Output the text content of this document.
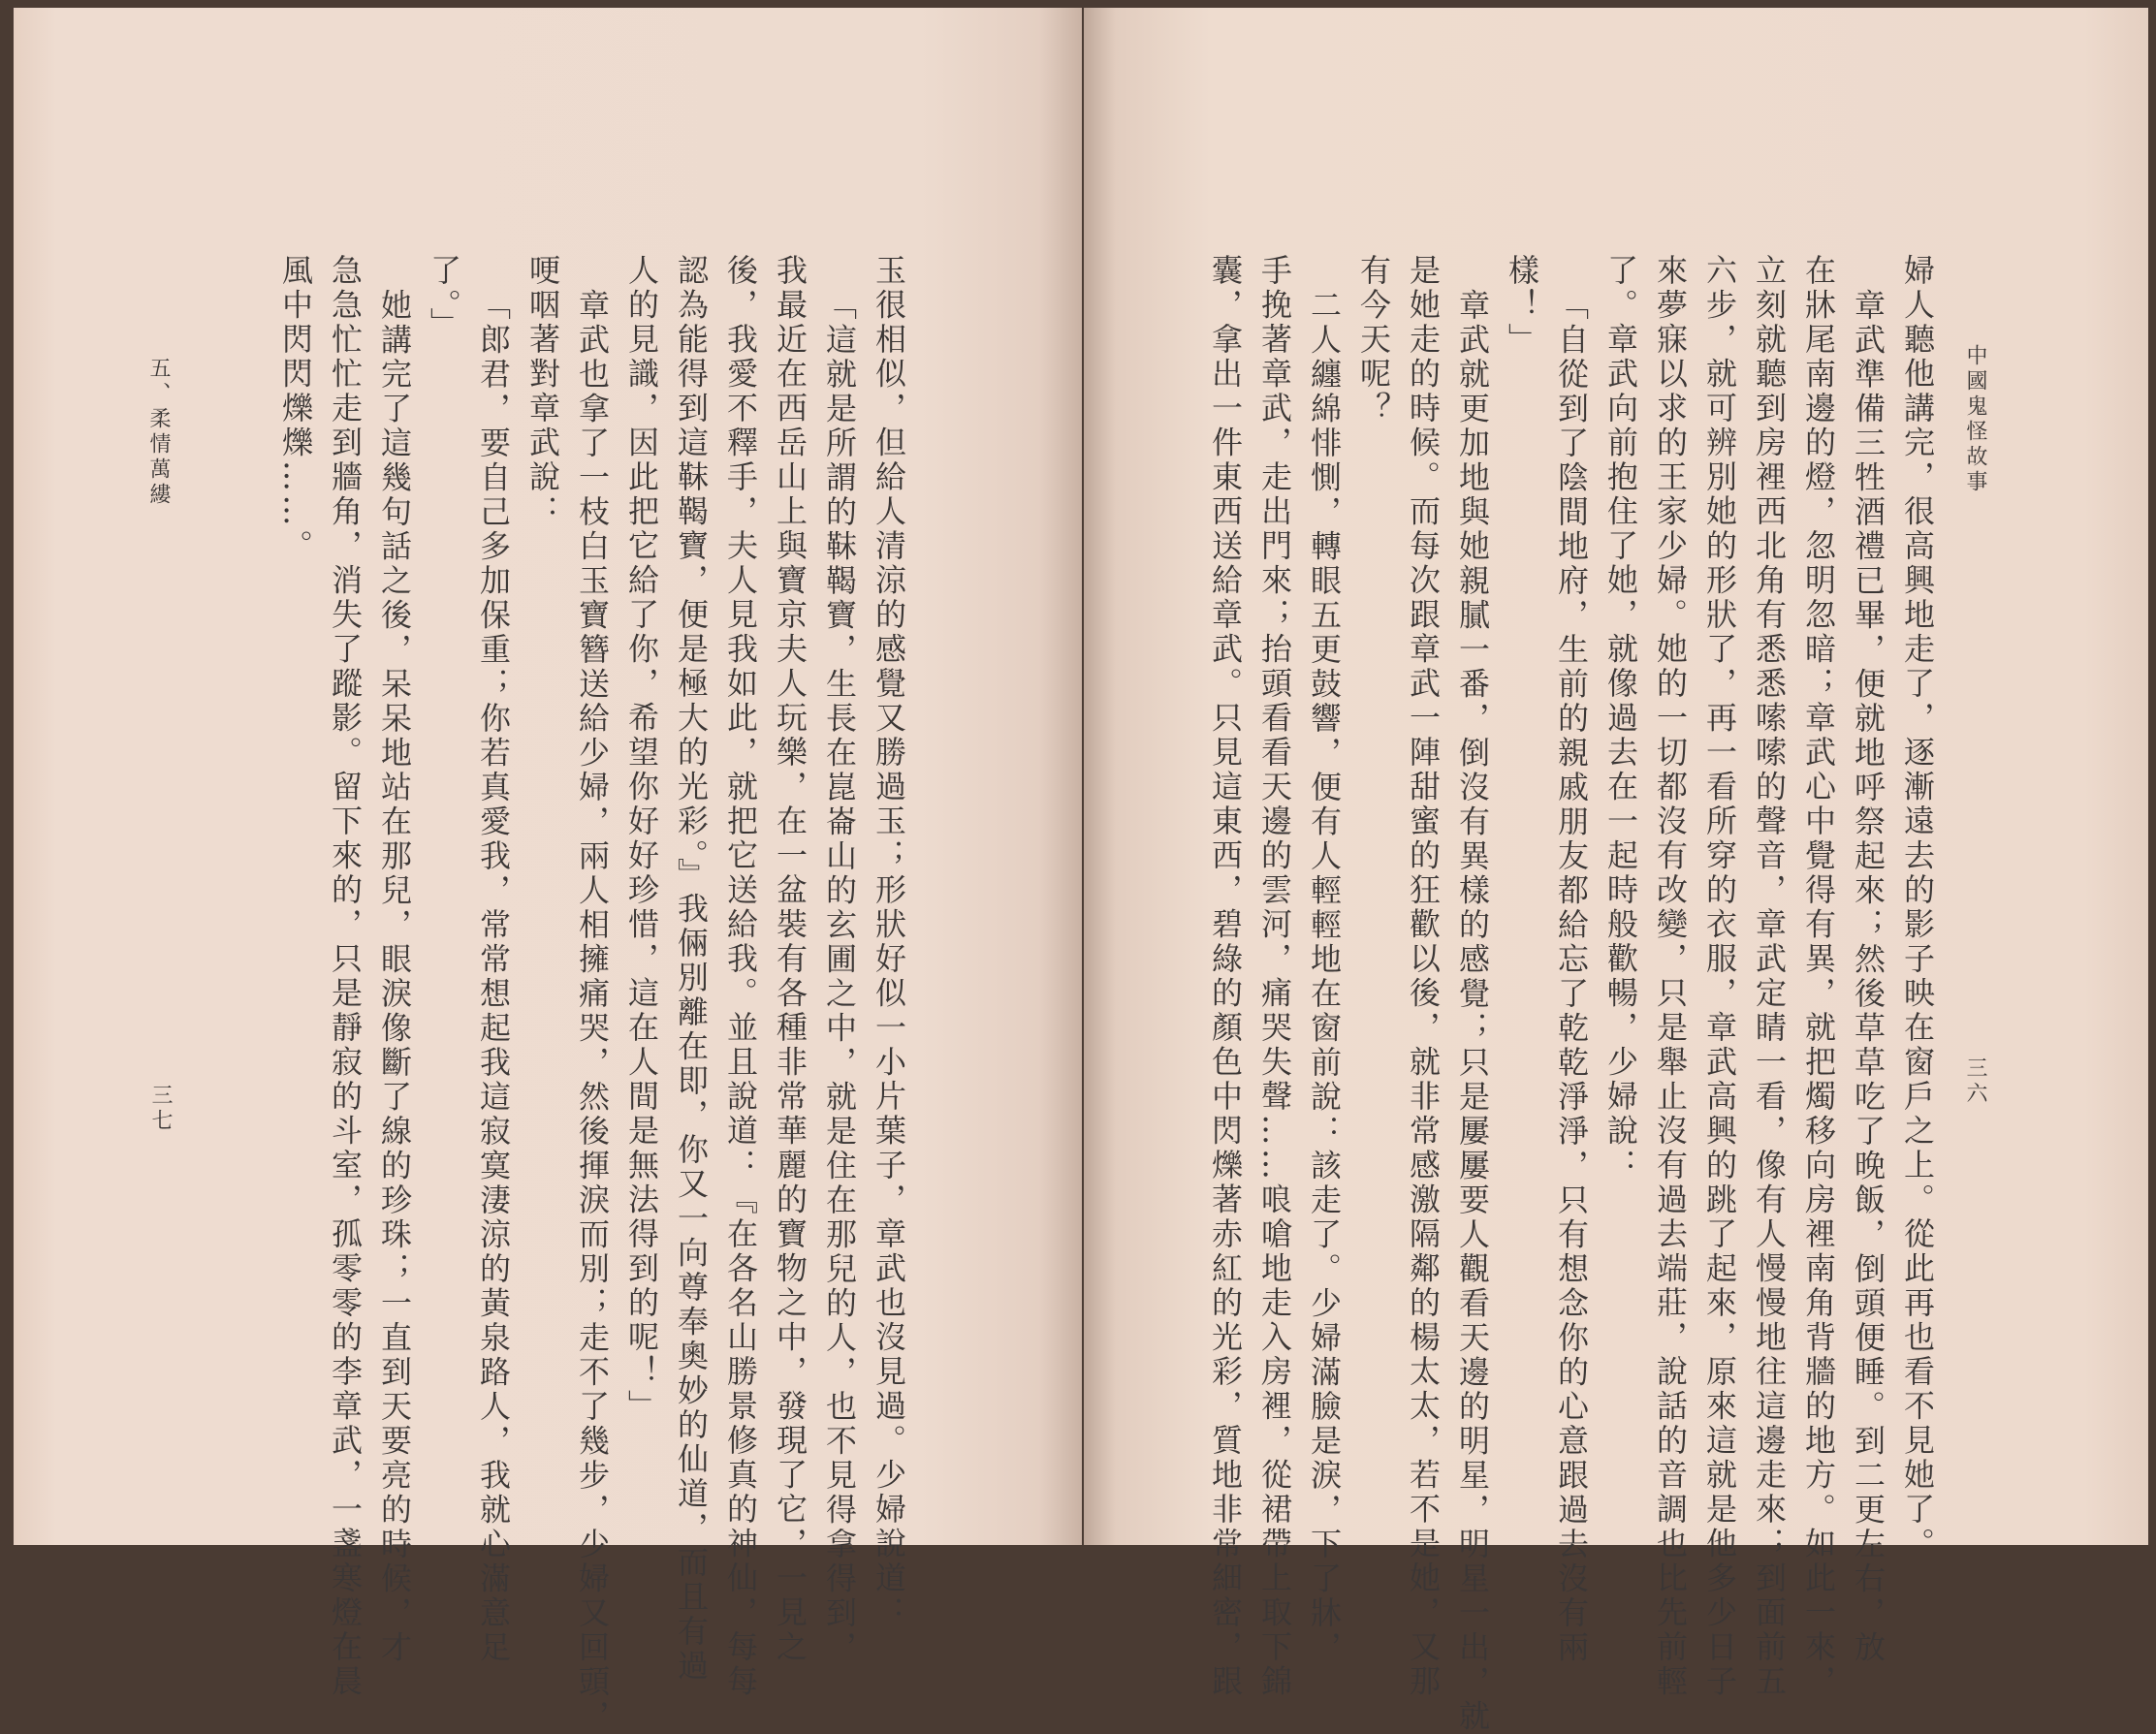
中國鬼怪故事
三六
婦人聽他講完，很高興地走了，逐漸遠去的影子映在窗戶之上。從此再也看不見她了。
章武準備三牲酒禮已畢，便就地呼祭起來；然後草草吃了晚飯，倒頭便睡。到二更左右，放
在牀尾南邊的燈，忽明忽暗；章武心中覺得有異，就把燭移向房裡南角背牆的地方。如此一來，
立刻就聽到房裡西北角有悉悉嗦嗦的聲音，章武定睛一看，像有人慢慢地往這邊走來；到面前五
六步，就可辨別她的形狀了，再一看所穿的衣服，章武高興的跳了起來，原來這就是他多少日子
來夢寐以求的王家少婦。她的一切都沒有改變，只是舉止沒有過去端莊，說話的音調也比先前輕
了。章武向前抱住了她，就像過去在一起時般歡暢，少婦說：
「自從到了陰間地府，生前的親戚朋友都給忘了乾乾淨淨，只有想念你的心意跟過去沒有兩
樣！」
章武就更加地與她親膩一番，倒沒有異樣的感覺；只是屢屢要人觀看天邊的明星，明星一出，就
是她走的時候。而每次跟章武一陣甜蜜的狂歡以後，就非常感激隔鄰的楊太太，若不是她，又那
有今天呢？
二人纏綿悱惻，轉眼五更鼓響，便有人輕輕地在窗前說：該走了。少婦滿臉是淚，下了牀，
手挽著章武，走出門來；抬頭看看天邊的雲河，痛哭失聲……哴嗆地走入房裡，從裙帶上取下錦
囊，拿出一件東西送給章武。只見這東西，碧綠的顏色中閃爍著赤紅的光彩，質地非常細密，跟
玉很相似，但給人清涼的感覺又勝過玉；形狀好似一小片葉子，章武也沒見過。少婦說道：
「這就是所謂的靺鞨寶，生長在崑崙山的玄圃之中，就是住在那兒的人，也不見得拿得到，
我最近在西岳山上與寶京夫人玩樂，在一盆裝有各種非常華麗的寶物之中，發現了它，一見之
後，我愛不釋手，夫人見我如此，就把它送給我。並且說道：『在各名山勝景修真的神仙，每每
認為能得到這靺鞨寶，便是極大的光彩。』我倆別離在即，你又一向尊奉奧妙的仙道，而且有過
人的見識，因此把它給了你，希望你好好珍惜，這在人間是無法得到的呢！」
章武也拿了一枝白玉寶簪送給少婦，兩人相擁痛哭，然後揮淚而別；走不了幾步，少婦又回頭，
哽咽著對章武說：
「郎君，要自己多加保重；你若真愛我，常常想起我這寂寞淒涼的黃泉路人，我就心滿意足
了。」
她講完了這幾句話之後，呆呆地站在那兒，眼淚像斷了線的珍珠；一直到天要亮的時候，才
急急忙忙走到牆角，消失了蹤影。留下來的，只是靜寂的斗室，孤零零的李章武，一盞寒燈在晨
風中閃閃爍爍……。
五、柔情萬縷
三七
